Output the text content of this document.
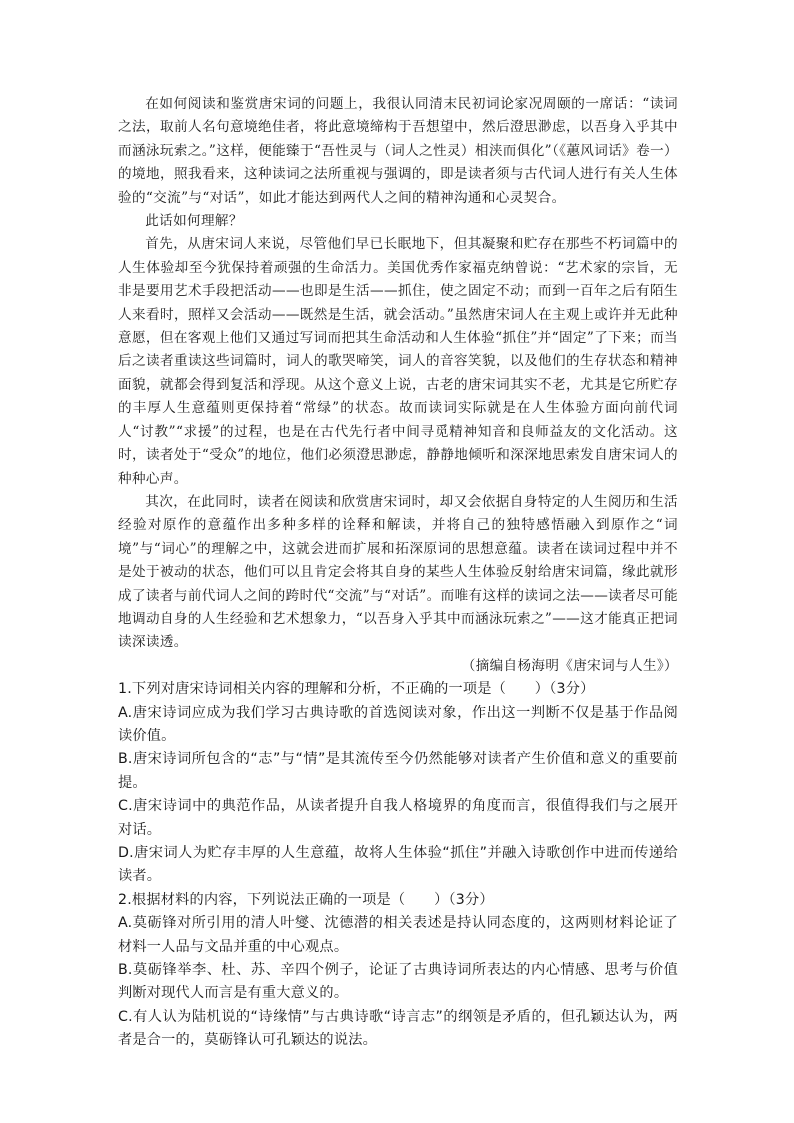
在如何阅读和鉴赏唐宋词的问题上，我很认同清末民初词论家况周颐的一席话：“读词之法，取前人名句意境绝佳者，将此意境缔构于吾想望中，然后澄思渺虑，以吾身入乎其中而涵泳玩索之。”这样，便能臻于“吾性灵与（词人之性灵）相浃而俱化”（《蕙风词话》卷一）的境地，照我看来，这种读词之法所重视与强调的，即是读者须与古代词人进行有关人生体验的“交流”与“对话”，如此才能达到两代人之间的精神沟通和心灵契合。

此话如何理解？

首先，从唐宋词人来说，尽管他们早已长眠地下，但其凝聚和贮存在那些不朽词篇中的人生体验却至今犹保持着顽强的生命活力。美国优秀作家福克纳曾说：“艺术家的宗旨，无非是要用艺术手段把活动——也即是生活——抓住，使之固定不动；而到一百年之后有陌生人来看时，照样又会活动——既然是生活，就会活动。”虽然唐宋词人在主观上或许并无此种意愿，但在客观上他们又通过写词而把其生命活动和人生体验“抓住”并“固定”了下来；而当后之读者重读这些词篇时，词人的歌哭啼笑，词人的音容笑貌，以及他们的生存状态和精神面貌，就都会得到复活和浮现。从这个意义上说，古老的唐宋词其实不老，尤其是它所贮存的丰厚人生意蕴则更保持着“常绿”的状态。故而读词实际就是在人生体验方面向前代词人“讨教”“求援”的过程，也是在古代先行者中间寻觅精神知音和良师益友的文化活动。这时，读者处于“受众”的地位，他们必须澄思渺虑，静静地倾听和深深地思索发自唐宋词人的种种心声。

其次，在此同时，读者在阅读和欣赏唐宋词时，却又会依据自身特定的人生阅历和生活经验对原作的意蕴作出多种多样的诠释和解读，并将自己的独特感悟融入到原作之“词境”与“词心”的理解之中，这就会进而扩展和拓深原词的思想意蕴。读者在读词过程中并不是处于被动的状态，他们可以且肯定会将其自身的某些人生体验反射给唐宋词篇，缘此就形成了读者与前代词人之间的跨时代“交流”与“对话”。而唯有这样的读词之法——读者尽可能地调动自身的人生经验和艺术想象力，“以吾身入乎其中而涵泳玩索之”——这才能真正把词读深读透。

（摘编自杨海明《唐宋词与人生》）

1.下列对唐宋诗词相关内容的理解和分析，不正确的一项是（　　）（3分）

A.唐宋诗词应成为我们学习古典诗歌的首选阅读对象，作出这一判断不仅是基于作品阅读价值。

B.唐宋诗词所包含的“志”与“情”是其流传至今仍然能够对读者产生价值和意义的重要前提。

C.唐宋诗词中的典范作品，从读者提升自我人格境界的角度而言，很值得我们与之展开对话。

D.唐宋词人为贮存丰厚的人生意蕴，故将人生体验“抓住”并融入诗歌创作中进而传递给读者。

2.根据材料的内容，下列说法正确的一项是（　　）（3分）

A.莫砺锋对所引用的清人叶燮、沈德潜的相关表述是持认同态度的，这两则材料论证了材料一人品与文品并重的中心观点。

B.莫砺锋举李、杜、苏、辛四个例子，论证了古典诗词所表达的内心情感、思考与价值判断对现代人而言是有重大意义的。

C.有人认为陆机说的“诗缘情”与古典诗歌“诗言志”的纲领是矛盾的，但孔颖达认为，两者是合一的，莫砺锋认可孔颖达的说法。
